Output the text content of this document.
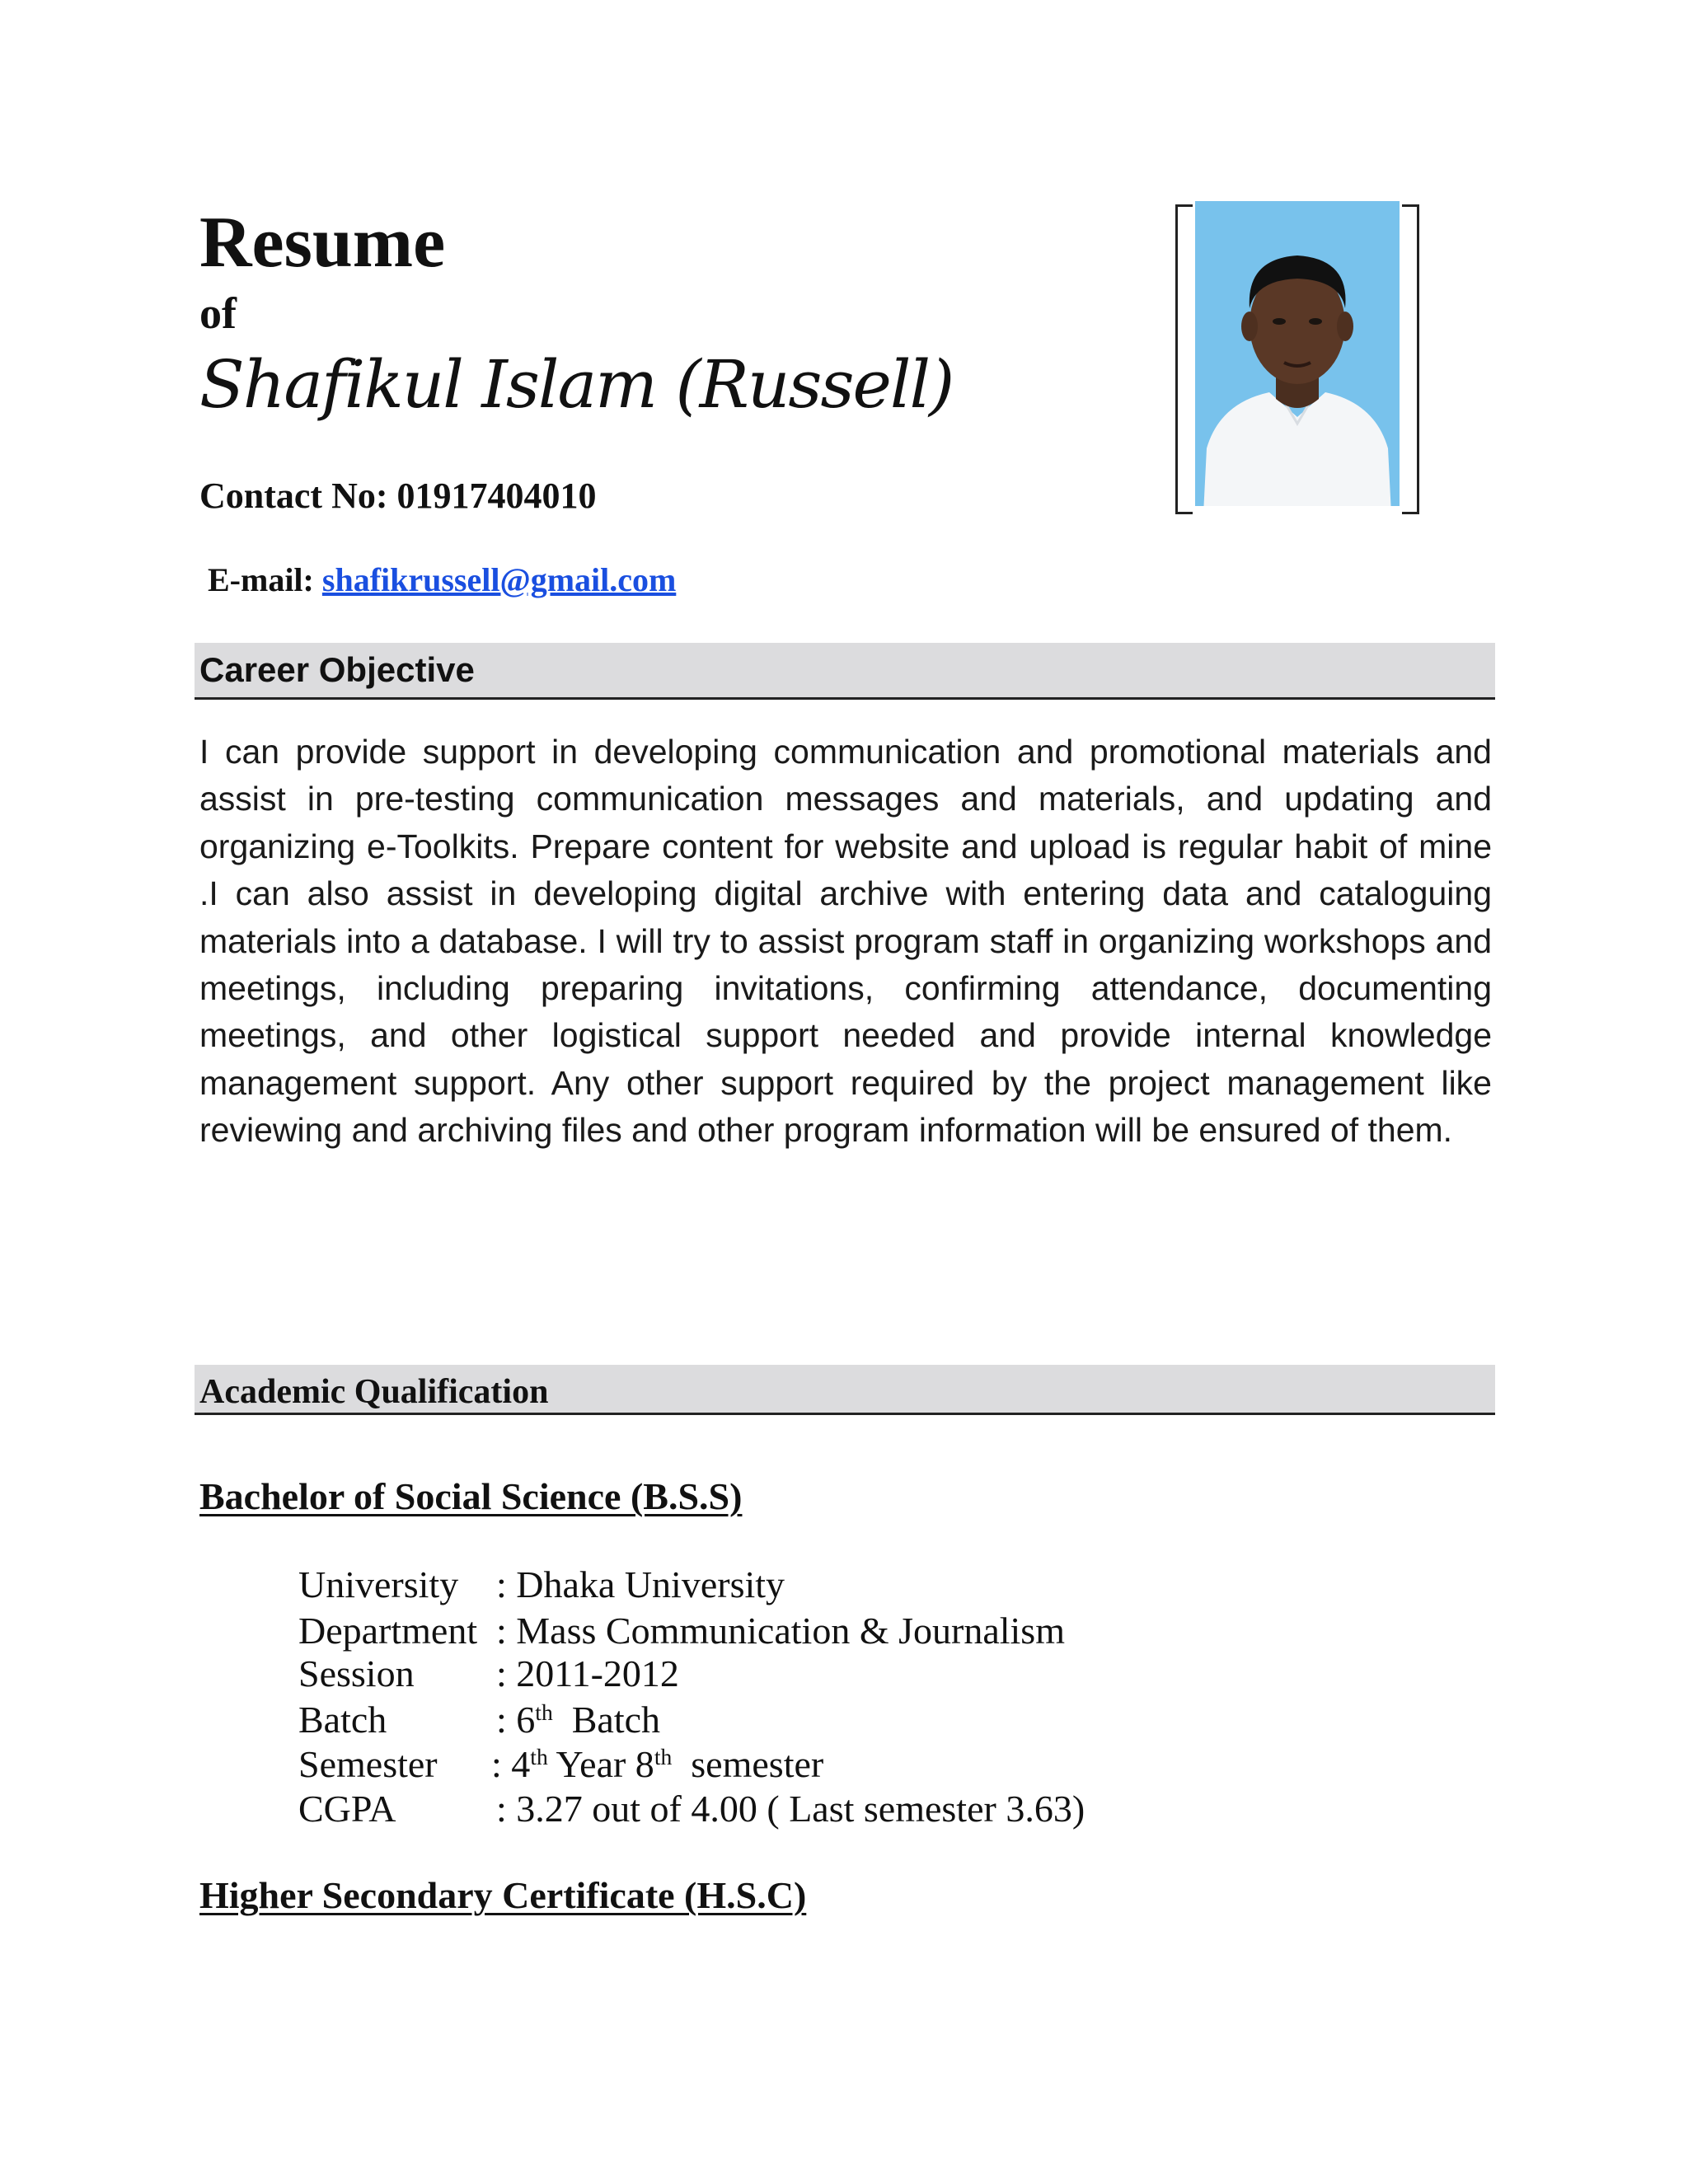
Resume
of
Shafikul Islam (Russell)
Contact No: 01917404010
E-mail: shafikrussell@gmail.com
Career Objective
I can provide support in developing communication and promotional materials and assist in pre-testing communication messages and materials, and updating and organizing e-Toolkits. Prepare content for website and upload is regular habit of mine .I can also assist in developing digital archive with entering data and cataloguing materials into a database. I will try to assist program staff in organizing workshops and meetings, including preparing invitations, confirming attendance, documenting meetings, and other logistical support needed and provide internal knowledge management support. Any other support required by the project management like reviewing and archiving files and other program information will be ensured of them.
Academic Qualification
Bachelor of Social Science (B.S.S)
University : Dhaka University
Department : Mass Communication & Journalism
Session : 2011-2012
Batch	: 6th  Batch
Semester : 4th Year 8th  semester
CGPA	: 3.27 out of 4.00 ( Last semester 3.63)
Higher Secondary Certificate (H.S.C)
